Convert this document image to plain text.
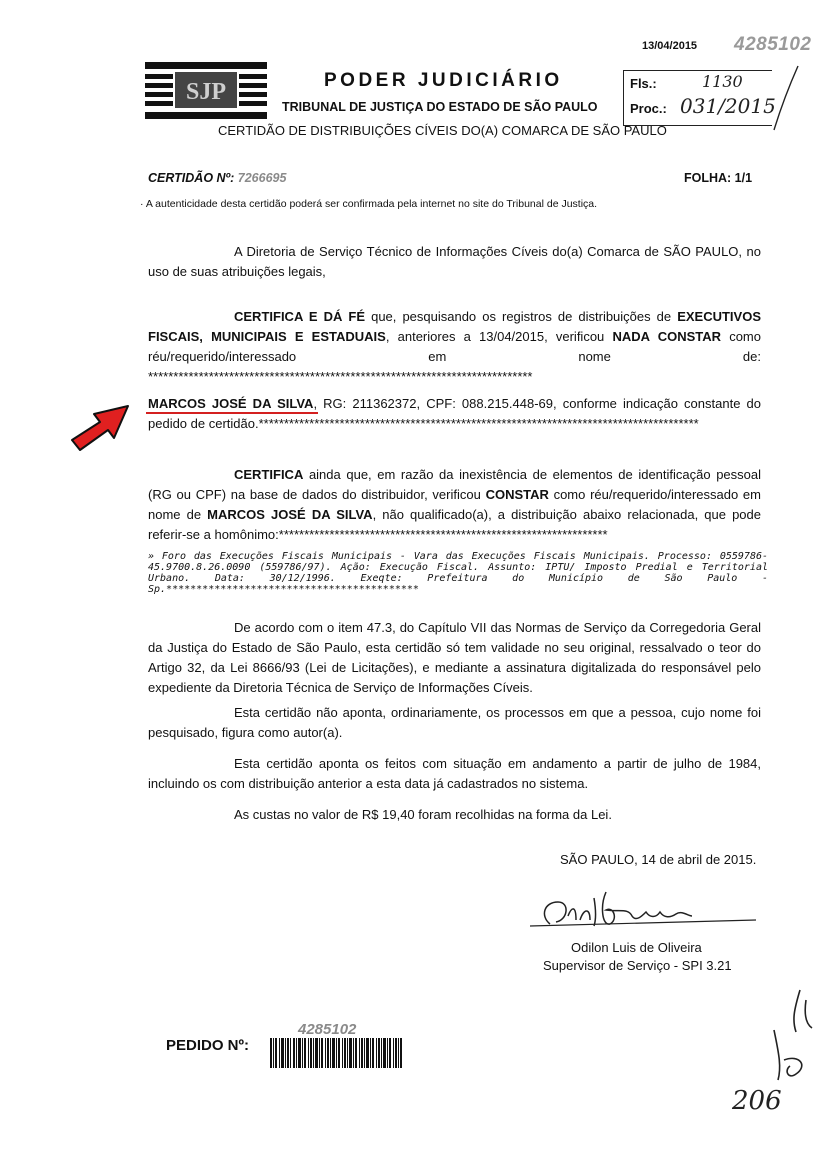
13/04/2015 4285102
SJP	PODER JUDICIÁRIO
TRIBUNAL DE JUSTIÇA DO ESTADO DE SÃO PAULO
CERTIDÃO DE DISTRIBUIÇÕES CÍVEIS DO(A) COMARCA DE SÃO PAULO
Fls.:
Proc.:
1130
031/2015
CERTIDÃO Nº: 7266695	FOLHA: 1/1
· A autenticidade desta certidão poderá ser confirmada pela internet no site do Tribunal de Justiça.
A Diretoria de Serviço Técnico de Informações Cíveis do(a) Comarca de SÃO PAULO, no uso de suas atribuições legais,
CERTIFICA E DÁ FÉ que, pesquisando os registros de distribuições de EXECUTIVOS FISCAIS, MUNICIPAIS E ESTADUAIS, anteriores a 13/04/2015, verificou NADA CONSTAR como réu/requerido/interessado em nome de: ****************************************************************************
MARCOS JOSÉ DA SILVA, RG: 211362372, CPF: 088.215.448-69, conforme indicação constante do pedido de certidão.***************************************************************************************
CERTIFICA ainda que, em razão da inexistência de elementos de identificação pessoal (RG ou CPF) na base de dados do distribuidor, verificou CONSTAR como réu/requerido/interessado em nome de MARCOS JOSÉ DA SILVA, não qualificado(a), a distribuição abaixo relacionada, que pode referir-se a homônimo:*****************************************************************
» Foro das Execuções Fiscais Municipais - Vara das Execuções Fiscais Municipais. Processo: 0559786-45.9700.8.26.0090 (559786/97). Ação: Execução Fiscal. Assunto: IPTU/ Imposto Predial e Territorial Urbano. Data: 30/12/1996. Exeqte: Prefeitura do Município de São Paulo - Sp.******************************************
De acordo com o item 47.3, do Capítulo VII das Normas de Serviço da Corregedoria Geral da Justiça do Estado de São Paulo, esta certidão só tem validade no seu original, ressalvado o teor do Artigo 32, da Lei 8666/93 (Lei de Licitações), e mediante a assinatura digitalizada do responsável pelo expediente da Diretoria Técnica de Serviço de Informações Cíveis.
Esta certidão não aponta, ordinariamente, os processos em que a pessoa, cujo nome foi pesquisado, figura como autor(a).
Esta certidão aponta os feitos com situação em andamento a partir de julho de 1984, incluindo os com distribuição anterior a esta data já cadastrados no sistema.
As custas no valor de R$ 19,40 foram recolhidas na forma da Lei.
SÃO PAULO, 14 de abril de 2015.
Odilon Luis de Oliveira
Supervisor de Serviço - SPI 3.21
PEDIDO Nº:
4285102
206
